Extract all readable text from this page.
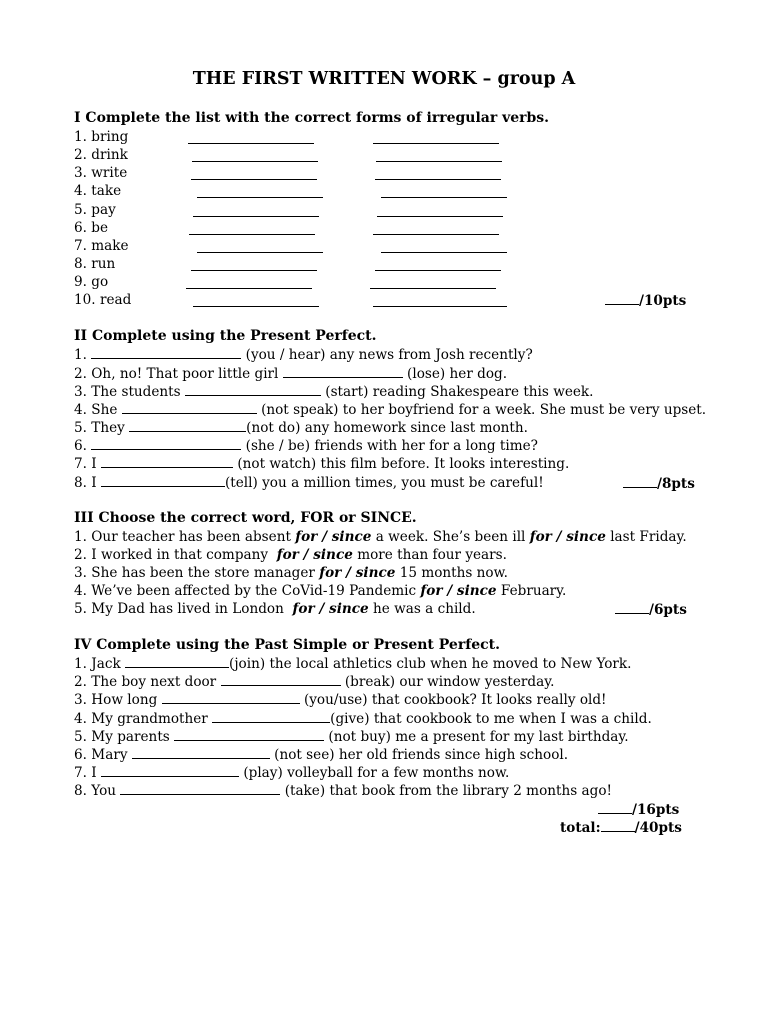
THE FIRST WRITTEN WORK – group A
I Complete the list with the correct forms of irregular verbs.
1. bring
2. drink
3. write
4. take
5. pay
6. be
7. make
8. run
9. go
10. read	/10pts
II Complete using the Present Perfect.
1.	(you / hear) any news from Josh recently?
2. Oh, no! That poor little girl	(lose) her dog.
3. The students	(start) reading Shakespeare this week.
4. She	(not speak) to her boyfriend for a week. She must be very upset.
5. They	(not do) any homework since last month.
6.	(she / be) friends with her for a long time?
7. I	(not watch) this film before. It looks interesting.
8. I	(tell) you a million times, you must be careful!	/8pts
III Choose the correct word, FOR or SINCE.
1. Our teacher has been absent for / since a week. She’s been ill for / since last Friday.
2. I worked in that company for / since more than four years.
3. She has been the store manager for / since 15 months now.
4. We’ve been affected by the CoVid-19 Pandemic for / since February.
5. My Dad has lived in London for / since he was a child.	/6pts
IV Complete using the Past Simple or Present Perfect.
1. Jack	(join) the local athletics club when he moved to New York.
2. The boy next door	(break) our window yesterday.
3. How long	(you/use) that cookbook? It looks really old!
4. My grandmother	(give) that cookbook to me when I was a child.
5. My parents	(not buy) me a present for my last birthday.
6. Mary	(not see) her old friends since high school.
7. I	(play) volleyball for a few months now.
8. You	(take) that book from the library 2 months ago!
/16pts
total:	/40pts
